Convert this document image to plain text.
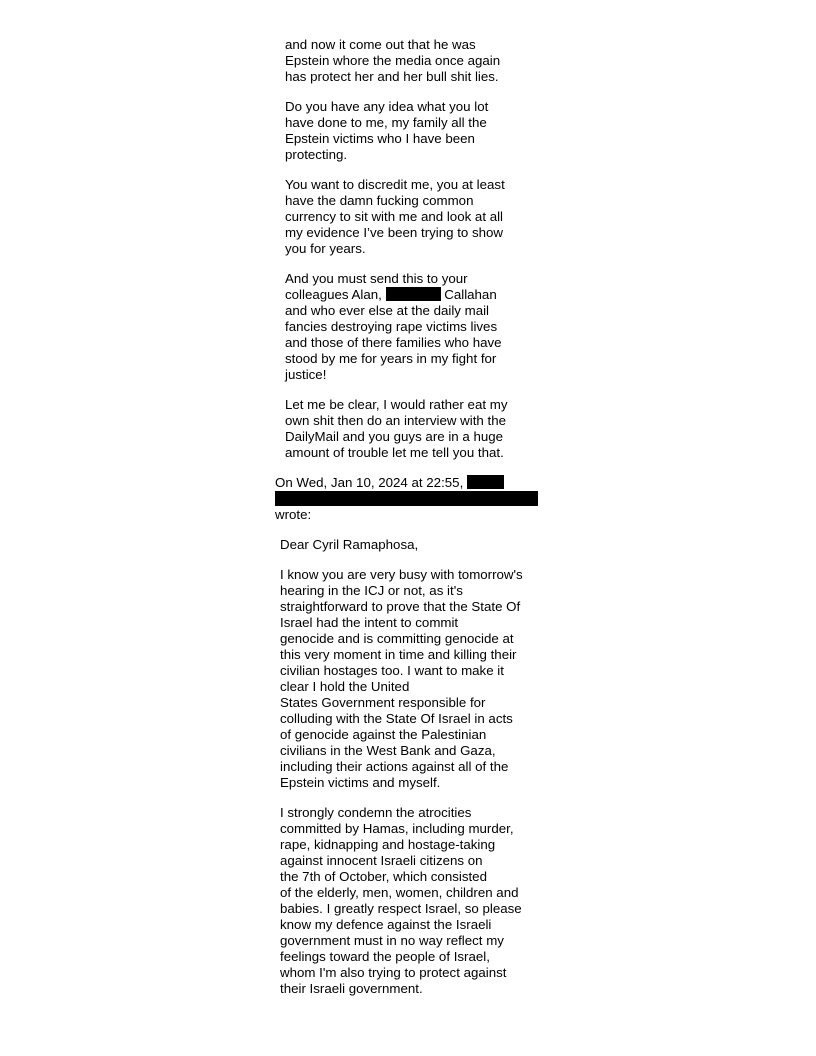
and now it come out that he was
Epstein whore the media once again
has protect her and her bull shit lies.
Do you have any idea what you lot
have done to me, my family all the
Epstein victims who I have been
protecting.
You want to discredit me, you at least
have the damn fucking common
currency to sit with me and look at all
my evidence I’ve been trying to show
you for years.
And you must send this to your
colleagues Alan,	Callahan
and who ever else at the daily mail
fancies destroying rape victims lives
and those of there families who have
stood by me for years in my fight for
justice!
Let me be clear, I would rather eat my
own shit then do an interview with the
DailyMail and you guys are in a huge
amount of trouble let me tell you that.
On Wed, Jan 10, 2024 at 22:55,
wrote:
Dear Cyril Ramaphosa,
I know you are very busy with tomorrow's
hearing in the ICJ or not, as it's
straightforward to prove that the State Of
Israel had the intent to commit
genocide and is committing genocide at
this very moment in time and killing their
civilian hostages too. I want to make it
clear I hold the United
States Government responsible for
colluding with the State Of Israel in acts
of genocide against the Palestinian
civilians in the West Bank and Gaza,
including their actions against all of the
Epstein victims and myself.
I strongly condemn the atrocities
committed by Hamas, including murder,
rape, kidnapping and hostage-taking
against innocent Israeli citizens on
the 7th of October, which consisted
of the elderly, men, women, children and
babies. I greatly respect Israel, so please
know my defence against the Israeli
government must in no way reflect my
feelings toward the people of Israel,
whom I'm also trying to protect against
their Israeli government.
